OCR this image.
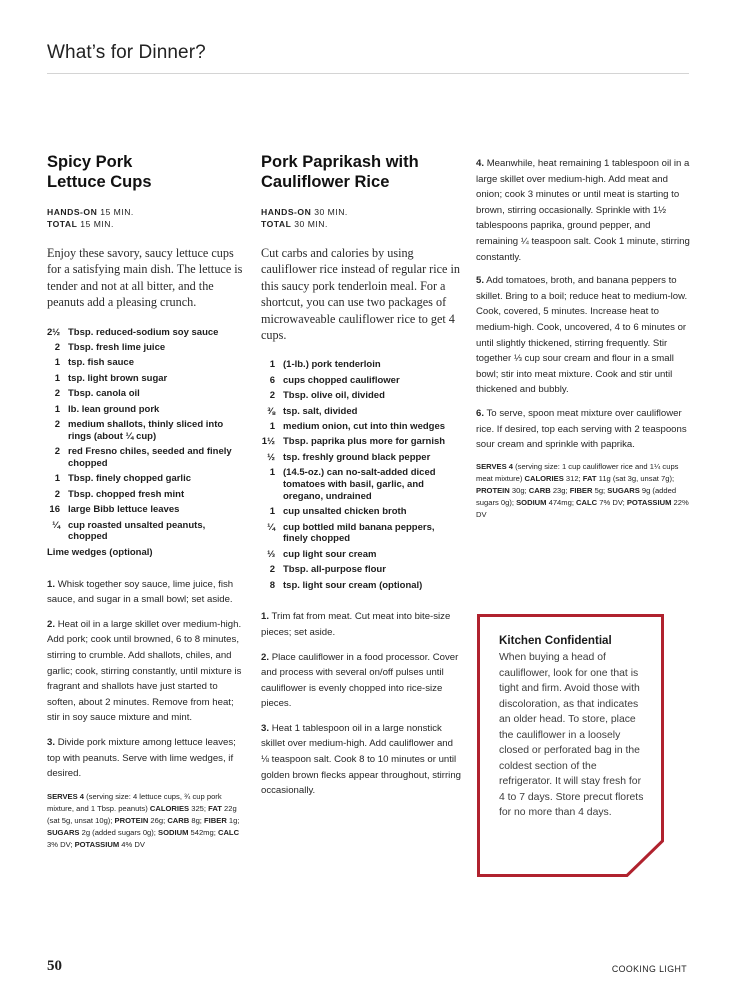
What’s for Dinner?
Spicy Pork
Lettuce Cups
HANDS-ON 15 MIN.
TOTAL 15 MIN.

Enjoy these savory, saucy lettuce cups for a satisfying main dish. The lettuce is tender and not at all bitter, and the peanuts add a pleasing crunch.

2½ Tbsp. reduced-sodium soy sauce
2 Tbsp. fresh lime juice
1 tsp. fish sauce
1 tsp. light brown sugar
2 Tbsp. canola oil
1 lb. lean ground pork
2 medium shallots, thinly sliced into rings (about ¼ cup)
2 red Fresno chiles, seeded and finely chopped
1 Tbsp. finely chopped garlic
2 Tbsp. chopped fresh mint
16 large Bibb lettuce leaves
¼ cup roasted unsalted peanuts, chopped
Lime wedges (optional)

1. Whisk together soy sauce, lime juice, fish sauce, and sugar in a small bowl; set aside.

2. Heat oil in a large skillet over medium-high. Add pork; cook until browned, 6 to 8 minutes, stirring to crumble. Add shallots, chiles, and garlic; cook, stirring constantly, until mixture is fragrant and shallots have just started to soften, about 2 minutes. Remove from heat; stir in soy sauce mixture and mint.

3. Divide pork mixture among lettuce leaves; top with peanuts. Serve with lime wedges, if desired.

SERVES 4 (serving size: 4 lettuce cups, ¾ cup pork mixture, and 1 Tbsp. peanuts) CALORIES 325; FAT 22g (sat 5g, unsat 10g); PROTEIN 26g; CARB 8g; FIBER 1g; SUGARS 2g (added sugars 0g); SODIUM 542mg; CALC 3% DV; POTASSIUM 4% DV
Pork Paprikash with
Cauliflower Rice
HANDS-ON 30 MIN.
TOTAL 30 MIN.

Cut carbs and calories by using cauliflower rice instead of regular rice in this saucy pork tenderloin meal. For a shortcut, you can use two packages of microwaveable cauliflower rice to get 4 cups.

1 (1-lb.) pork tenderloin
6 cups chopped cauliflower
2 Tbsp. olive oil, divided
⅜ tsp. salt, divided
1 medium onion, cut into thin wedges
1½ Tbsp. paprika plus more for garnish
½ tsp. freshly ground black pepper
1 (14.5-oz.) can no-salt-added diced tomatoes with basil, garlic, and oregano, undrained
1 cup unsalted chicken broth
¼ cup bottled mild banana peppers, finely chopped
⅓ cup light sour cream
2 Tbsp. all-purpose flour
8 tsp. light sour cream (optional)

1. Trim fat from meat. Cut meat into bite-size pieces; set aside.

2. Place cauliflower in a food processor. Cover and process with several on/off pulses until cauliflower is evenly chopped into rice-size pieces.

3. Heat 1 tablespoon oil in a large nonstick skillet over medium-high. Add cauliflower and ⅛ teaspoon salt. Cook 8 to 10 minutes or until golden brown flecks appear throughout, stirring occasionally.

4. Meanwhile, heat remaining 1 tablespoon oil in a large skillet over medium-high. Add meat and onion; cook 3 minutes or until meat is starting to brown, stirring occasionally. Sprinkle with 1½ tablespoons paprika, ground pepper, and remaining ¼ teaspoon salt. Cook 1 minute, stirring constantly.

5. Add tomatoes, broth, and banana peppers to skillet. Bring to a boil; reduce heat to medium-low. Cook, covered, 5 minutes. Increase heat to medium-high. Cook, uncovered, 4 to 6 minutes or until slightly thickened, stirring frequently. Stir together ⅓ cup sour cream and flour in a small bowl; stir into meat mixture. Cook and stir until thickened and bubbly.

6. To serve, spoon meat mixture over cauliflower rice. If desired, top each serving with 2 teaspoons sour cream and sprinkle with paprika.

SERVES 4 (serving size: 1 cup cauliflower rice and 1¼ cups meat mixture) CALORIES 312; FAT 11g (sat 3g, unsat 7g); PROTEIN 30g; CARB 23g; FIBER 5g; SUGARS 9g (added sugars 0g); SODIUM 474mg; CALC 7% DV; POTASSIUM 22% DV
Kitchen Confidential

When buying a head of cauliflower, look for one that is tight and firm. Avoid those with discoloration, as that indicates an older head. To store, place the cauliflower in a loosely closed or perforated bag in the coldest section of the refrigerator. It will stay fresh for 4 to 7 days. Store precut florets for no more than 4 days.

50	COOKING LIGHT
